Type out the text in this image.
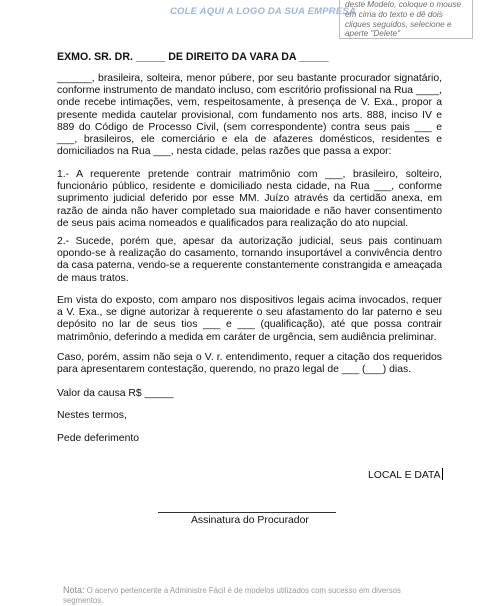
COLE AQUI A LOGO DA SUA EMPRESA
deste Modelo, coloque o mouse em cima do texto e dê dois cliques seguidos, selecione e aperte "Delete"
EXMO. SR. DR. _____ DE DIREITO DA VARA DA _____

______, brasileira, solteira, menor púbere, por seu bastante procurador signatário, conforme instrumento de mandato incluso, com escritório profissional na Rua ____, onde recebe intimações, vem, respeitosamente, à presença de V. Exa., propor a presente medida cautelar provisional, com fundamento nos arts. 888, inciso IV e 889 do Código de Processo Civil, (sem correspondente) contra seus pais ___ e ___, brasileiros, ele comerciário e ela de afazeres domésticos, residentes e domiciliados na Rua ___, nesta cidade, pelas razões que passa a expor:

1.- A requerente pretende contrair matrimônio com ___, brasileiro, solteiro, funcionário público, residente e domiciliado nesta cidade, na Rua ___, conforme suprimento judicial deferido por esse MM. Juízo através da certidão anexa, em razão de ainda não haver completado sua maioridade e não haver consentimento de seus pais acima nomeados e qualificados para realização do ato nupcial.

2.- Sucede, porém que, apesar da autorização judicial, seus pais continuam opondo-se à realização do casamento, tornando insuportável a convivência dentro da casa paterna, vendo-se a requerente constantemente constrangida e ameaçada de maus tratos.

Em vista do exposto, com amparo nos dispositivos legais acima invocados, requer a V. Exa., se digne autorizar à requerente o seu afastamento do lar paterno e seu depósito no lar de seus tios ___ e ___ (qualificação), até que possa contrair matrimônio, deferindo a medida em caráter de urgência, sem audiência preliminar.

Caso, porém, assim não seja o V. r. entendimento, requer a citação dos requeridos para apresentarem contestação, querendo, no prazo legal de ___ (___) dias.

Valor da causa R$ _____
Nestes termos,
Pede deferimento
LOCAL E DATA
Assinatura do Procurador
Nota: O acervo pertencente a Administre Fácil é de modelos utilizados com sucesso em diversos segmentos.
